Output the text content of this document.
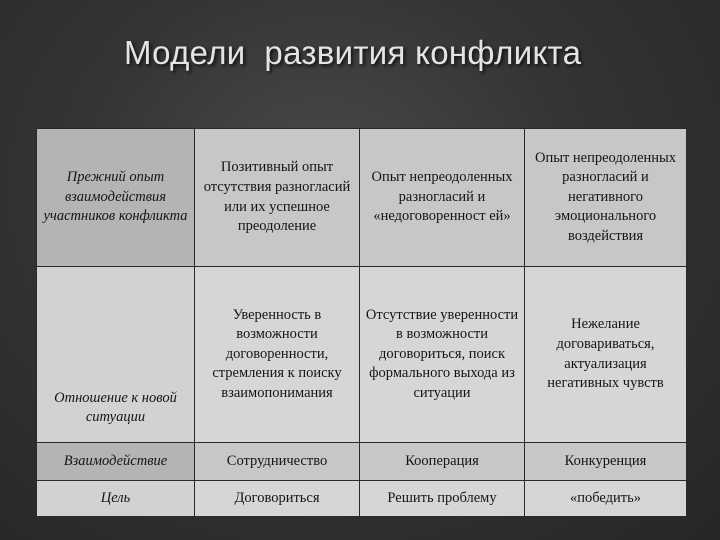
Модели  развития конфликта
Прежний опыт взаимодействия участников конфликта	Позитивный опыт отсутствия разногласий или их успешное преодоление	Опыт непреодоленных разногласий и «недоговоренност ей»	Опыт непреодоленных разногласий и негативного эмоционального воздействия
Отношение к новой ситуации	Уверенность в возможности договоренности, стремления к поиску взаимопонимания	Отсутствие уверенности в возможности договориться, поиск формального выхода из ситуации	Нежелание договариваться, актуализация негативных чувств
Взаимодействие	Сотрудничество	Кооперация	Конкуренция
Цель	Договориться	Решить проблему	«победить»
